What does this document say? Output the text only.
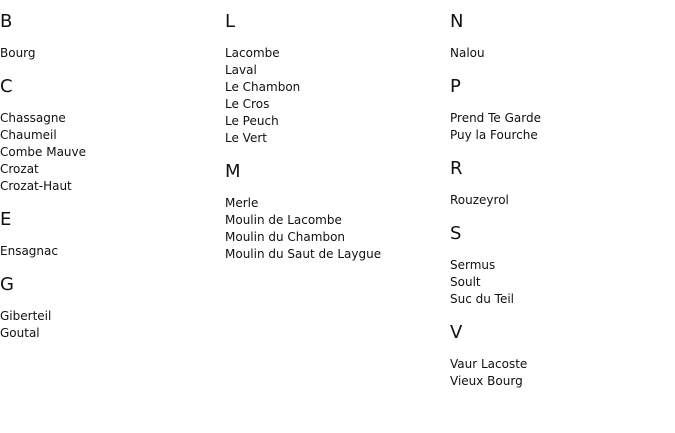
B
Bourg
C
Chassagne
Chaumeil
Combe Mauve
Crozat
Crozat-Haut
E
Ensagnac
G
Giberteil
Goutal
L
Lacombe
Laval
Le Chambon
Le Cros
Le Peuch
Le Vert
M
Merle
Moulin de Lacombe
Moulin du Chambon
Moulin du Saut de Laygue
N
Nalou
P
Prend Te Garde
Puy la Fourche
R
Rouzeyrol
S
Sermus
Soult
Suc du Teil
V
Vaur Lacoste
Vieux Bourg
